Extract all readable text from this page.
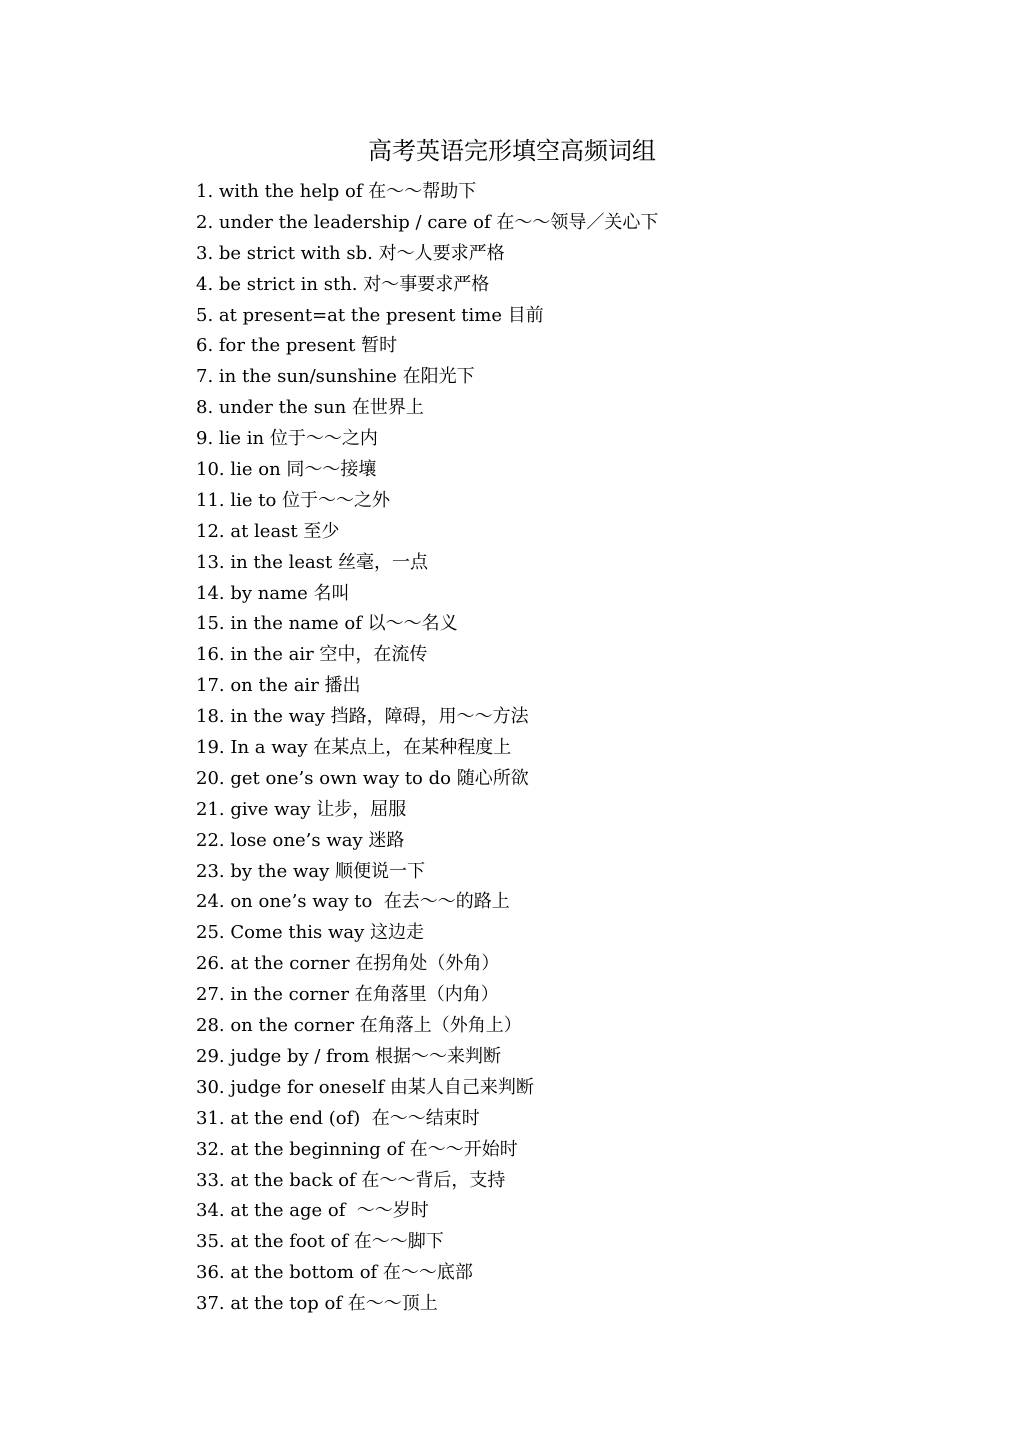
高考英语完形填空高频词组
1. with the help of 在～～帮助下
2. under the leadership / care of 在～～领导／关心下
3. be strict with sb. 对～人要求严格
4. be strict in sth. 对～事要求严格
5. at present=at the present time 目前
6. for the present 暂时
7. in the sun/sunshine 在阳光下
8. under the sun 在世界上
9. lie in 位于～～之内
10. lie on 同～～接壤
11. lie to 位于～～之外
12. at least 至少
13. in the least 丝毫，一点
14. by name 名叫
15. in the name of 以～～名义
16. in the air 空中，在流传
17. on the air 播出
18. in the way 挡路，障碍，用～～方法
19. In a way 在某点上，在某种程度上
20. get one’s own way to do 随心所欲
21. give way 让步，屈服
22. lose one’s way 迷路
23. by the way 顺便说一下
24. on one’s way to  在去～～的路上
25. Come this way 这边走
26. at the corner 在拐角处（外角）
27. in the corner 在角落里（内角）
28. on the corner 在角落上（外角上）
29. judge by / from 根据～～来判断
30. judge for oneself 由某人自己来判断
31. at the end (of)  在～～结束时
32. at the beginning of 在～～开始时
33. at the back of 在～～背后，支持
34. at the age of  ～～岁时
35. at the foot of 在～～脚下
36. at the bottom of 在～～底部
37. at the top of 在～～顶上
